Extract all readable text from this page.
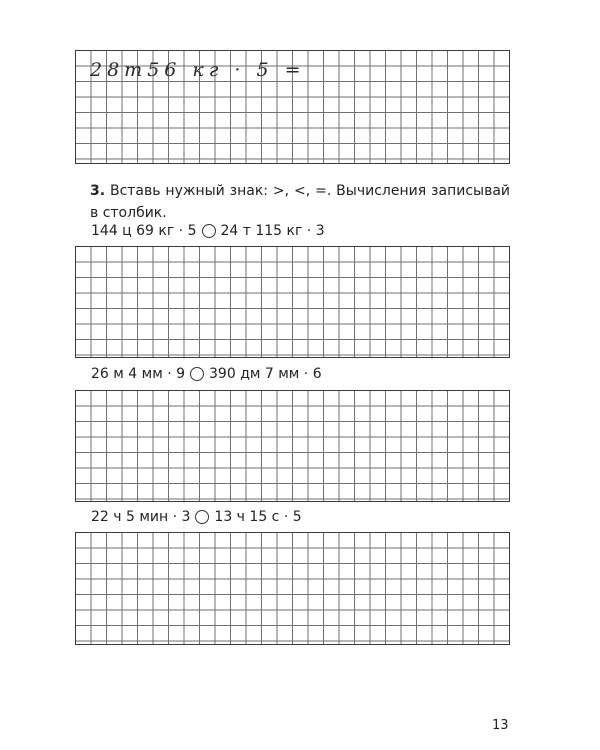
28т56 кг · 5 =
3. Вставь нужный знак: >, <, =. Вычисления записывай в столбик.
144 ц 69 кг · 5 24 т 115 кг · 3
26 м 4 мм · 9 390 дм 7 мм · 6
22 ч 5 мин · 3 13 ч 15 с · 5
13
